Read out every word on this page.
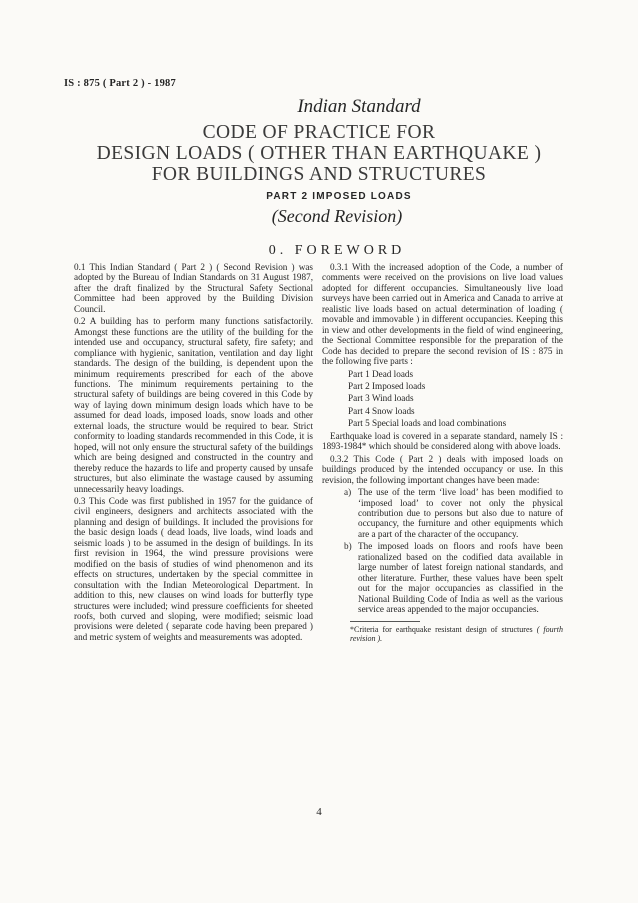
IS : 875 ( Part 2 ) - 1987
Indian Standard
CODE OF PRACTICE FOR
DESIGN LOADS ( OTHER THAN EARTHQUAKE )
FOR BUILDINGS AND STRUCTURES
PART 2 IMPOSED LOADS
(Second Revision)
0. FOREWORD

0.1 This Indian Standard ( Part 2 ) ( Second Revision ) was adopted by the Bureau of Indian Standards on 31 August 1987, after the draft finalized by the Structural Safety Sectional Committee had been approved by the Building Division Council.

0.2 A building has to perform many functions satisfactorily. Amongst these functions are the utility of the building for the intended use and occupancy, structural safety, fire safety; and compliance with hygienic, sanitation, ventilation and day light standards. The design of the building, is dependent upon the minimum requirements prescribed for each of the above functions. The minimum requirements pertaining to the structural safety of buildings are being covered in this Code by way of laying down minimum design loads which have to be assumed for dead loads, imposed loads, snow loads and other external loads, the structure would be required to bear. Strict conformity to loading standards recommended in this Code, it is hoped, will not only ensure the structural safety of the buildings which are being designed and constructed in the country and thereby reduce the hazards to life and property caused by unsafe structures, but also eliminate the wastage caused by assuming unnecessarily heavy loadings.

0.3 This Code was first published in 1957 for the guidance of civil engineers, designers and architects associated with the planning and design of buildings. It included the provisions for the basic design loads ( dead loads, live loads, wind loads and seismic loads ) to be assumed in the design of buildings. In its first revision in 1964, the wind pressure provisions were modified on the basis of studies of wind phenomenon and its effects on structures, undertaken by the special committee in consultation with the Indian Meteorological Department. In addition to this, new clauses on wind loads for butterfly type structures were included; wind pressure coefficients for sheeted roofs, both curved and sloping, were modified; seismic load provisions were deleted ( separate code having been prepared ) and metric system of weights and measurements was adopted.

0.3.1 With the increased adoption of the Code, a number of comments were received on the provisions on live load values adopted for different occupancies. Simultaneously live load surveys have been carried out in America and Canada to arrive at realistic live loads based on actual determination of loading ( movable and immovable ) in different occupancies. Keeping this in view and other developments in the field of wind engineering, the Sectional Committee responsible for the preparation of the Code has decided to prepare the second revision of IS : 875 in the following five parts :

Part 1 Dead loads
Part 2 Imposed loads
Part 3 Wind loads
Part 4 Snow loads
Part 5 Special loads and load combinations

Earthquake load is covered in a separate standard, namely IS : 1893-1984* which should be considered along with above loads.

0.3.2 This Code ( Part 2 ) deals with imposed loads on buildings produced by the intended occupancy or use. In this revision, the following important changes have been made:

a) The use of the term ‘live load’ has been modified to ‘imposed load’ to cover not only the physical contribution due to persons but also due to nature of occupancy, the furniture and other equipments which are a part of the character of the occupancy.
b) The imposed loads on floors and roofs have been rationalized based on the codified data available in large number of latest foreign national standards, and other literature. Further, these values have been spelt out for the major occupancies as classified in the National Building Code of India as well as the various service areas appended to the major occupancies.
*Criteria for earthquake resistant design of structures ( fourth revision ).
4
